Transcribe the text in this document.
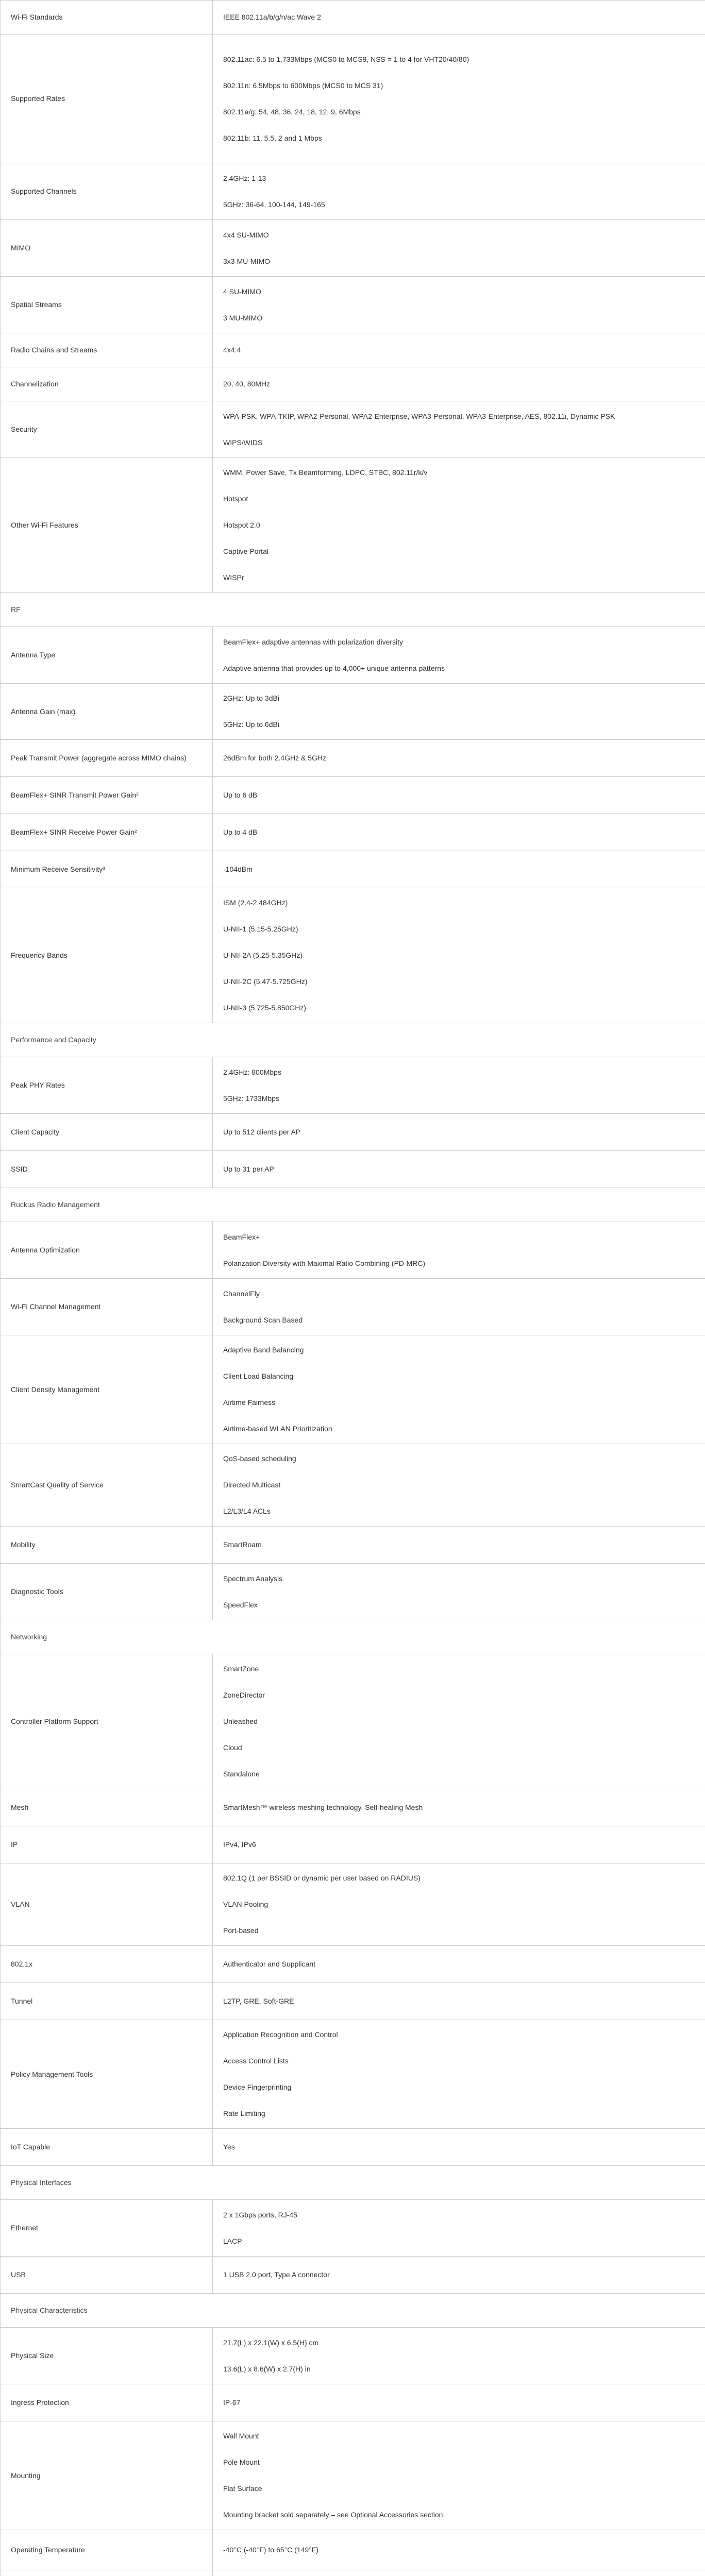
Wi-Fi Standards	IEEE 802.11a/b/g/n/ac Wave 2

Supported Rates	802.11ac: 6.5 to 1,733Mbps (MCS0 to MCS9, NSS = 1 to 4 for VHT20/40/80)
802.11n: 6.5Mbps to 600Mbps (MCS0 to MCS 31)
802.11a/g: 54, 48, 36, 24, 18, 12, 9, 6Mbps
802.11b: 11, 5.5, 2 and 1 Mbps

Supported Channels	2.4GHz: 1-13
5GHz: 36-64, 100-144, 149-165

MIMO	4x4 SU-MIMO
3x3 MU-MIMO

Spatial Streams	4 SU-MIMO
3 MU-MIMO

Radio Chains and Streams	4x4:4

Channelization	20, 40, 80MHz

Security	WPA-PSK, WPA-TKIP, WPA2-Personal, WPA2-Enterprise, WPA3-Personal, WPA3-Enterprise, AES, 802.11i, Dynamic PSK
WIPS/WIDS

Other Wi-Fi Features	WMM, Power Save, Tx Beamforming, LDPC, STBC, 802.11r/k/v
Hotspot
Hotspot 2.0
Captive Portal
WISPr

RF	
Antenna Type	BeamFlex+ adaptive antennas with polarization diversity
Adaptive antenna that provides up to 4,000+ unique antenna patterns

Antenna Gain (max)	2GHz: Up to 3dBi
5GHz: Up to 6dBi

Peak Transmit Power (aggregate across MIMO chains)	26dBm for both 2.4GHz & 5GHz

BeamFlex+ SINR Transmit Power Gain²	Up to 6 dB

BeamFlex+ SINR Receive Power Gain²	Up to 4 dB

Minimum Receive Sensitivity³	-104dBm

Frequency Bands	ISM (2.4-2.484GHz)
U-NII-1 (5.15-5.25GHz)
U-NII-2A (5.25-5.35GHz)
U-NII-2C (5.47-5.725GHz)
U-NII-3 (5.725-5.850GHz)

Performance and Capacity	
Peak PHY Rates	2.4GHz: 800Mbps
5GHz: 1733Mbps

Client Capacity	Up to 512 clients per AP

SSID	Up to 31 per AP

Ruckus Radio Management	
Antenna Optimization	BeamFlex+
Polarization Diversity with Maximal Ratio Combining (PD-MRC)

Wi-Fi Channel Management	ChannelFly
Background Scan Based

Client Density Management	Adaptive Band Balancing
Client Load Balancing
Airtime Fairness
Airtime-based WLAN Prioritization

SmartCast Quality of Service	QoS-based scheduling
Directed Multicast
L2/L3/L4 ACLs

Mobility	SmartRoam

Diagnostic Tools	Spectrum Analysis
SpeedFlex

Networking	
Controller Platform Support	SmartZone
ZoneDirector
Unleashed
Cloud
Standalone

Mesh	SmartMesh™ wireless meshing technology. Self-healing Mesh

IP	IPv4, IPv6

VLAN	802.1Q (1 per BSSID or dynamic per user based on RADIUS)
VLAN Pooling
Port-based

802.1x	Authenticator and Supplicant

Tunnel	L2TP, GRE, Soft-GRE

Policy Management Tools	Application Recognition and Control
Access Control Lists
Device Fingerprinting
Rate Limiting

IoT Capable	Yes

Physical Interfaces	
Ethernet	2 x 1Gbps ports, RJ-45
LACP

USB	1 USB 2.0 port, Type A connector

Physical Characteristics	
Physical Size	21.7(L) x 22.1(W) x 6.5(H) cm
13.6(L) x 8.6(W) x 2.7(H) in

Ingress Protection	IP-67

Mounting	Wall Mount
Pole Mount
Flat Surface
Mounting bracket sold separately – see Optional Accessories section

Operating Temperature	-40°C (-40°F) to 65°C (149°F)
